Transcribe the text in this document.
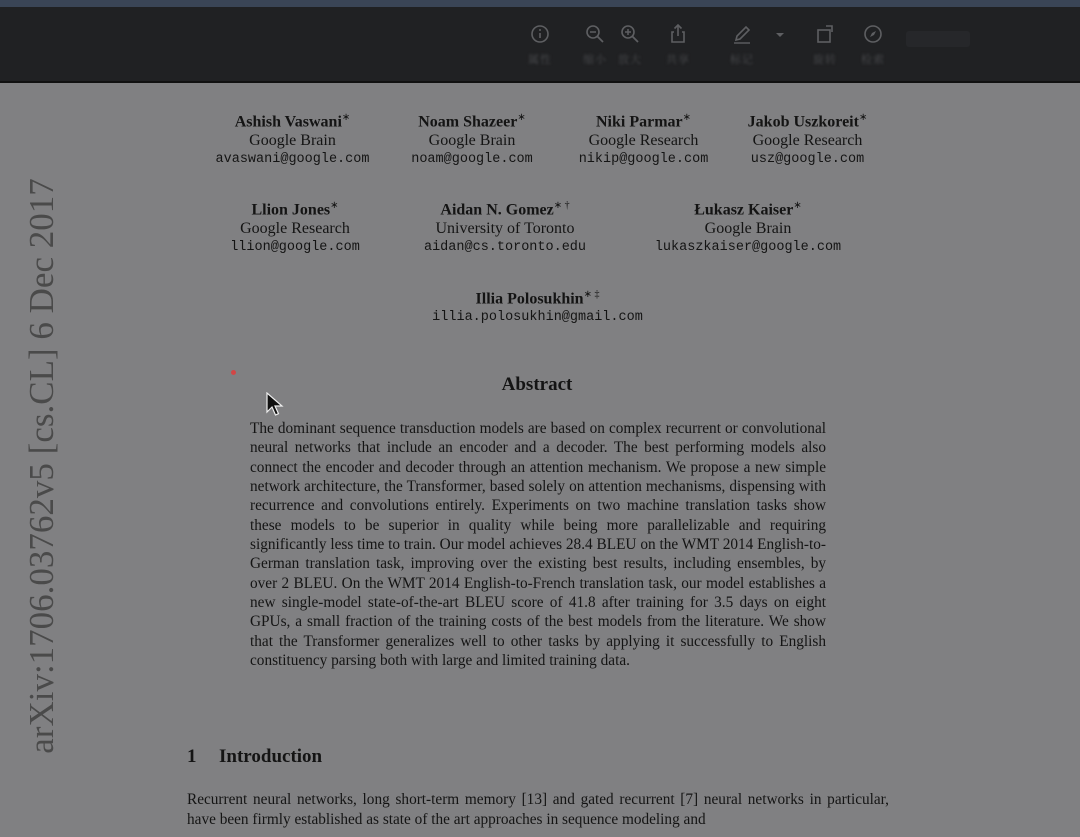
属性	缩小	放大	共享	标记	旋转	检索
arXiv:1706.03762v5 [cs.CL] 6 Dec 2017
Ashish Vaswani∗
Google Brain
avaswani@google.com
Noam Shazeer∗
Google Brain
noam@google.com
Niki Parmar∗
Google Research
nikip@google.com
Jakob Uszkoreit∗
Google Research
usz@google.com
Llion Jones∗
Google Research
llion@google.com
Aidan N. Gomez∗ †
University of Toronto
aidan@cs.toronto.edu
Łukasz Kaiser∗
Google Brain
lukaszkaiser@google.com
Illia Polosukhin∗ ‡
illia.polosukhin@gmail.com
Abstract
The dominant sequence transduction models are based on complex recurrent or convolutional neural networks that include an encoder and a decoder. The best performing models also connect the encoder and decoder through an attention mechanism. We propose a new simple network architecture, the Transformer, based solely on attention mechanisms, dispensing with recurrence and convolutions entirely. Experiments on two machine translation tasks show these models to be superior in quality while being more parallelizable and requiring significantly less time to train. Our model achieves 28.4 BLEU on the WMT 2014 English-to-German translation task, improving over the existing best results, including ensembles, by over 2 BLEU. On the WMT 2014 English-to-French translation task, our model establishes a new single-model state-of-the-art BLEU score of 41.8 after training for 3.5 days on eight GPUs, a small fraction of the training costs of the best models from the literature. We show that the Transformer generalizes well to other tasks by applying it successfully to English constituency parsing both with large and limited training data.
1 Introduction
Recurrent neural networks, long short-term memory [13] and gated recurrent [7] neural networks in particular, have been firmly established as state of the art approaches in sequence modeling and
